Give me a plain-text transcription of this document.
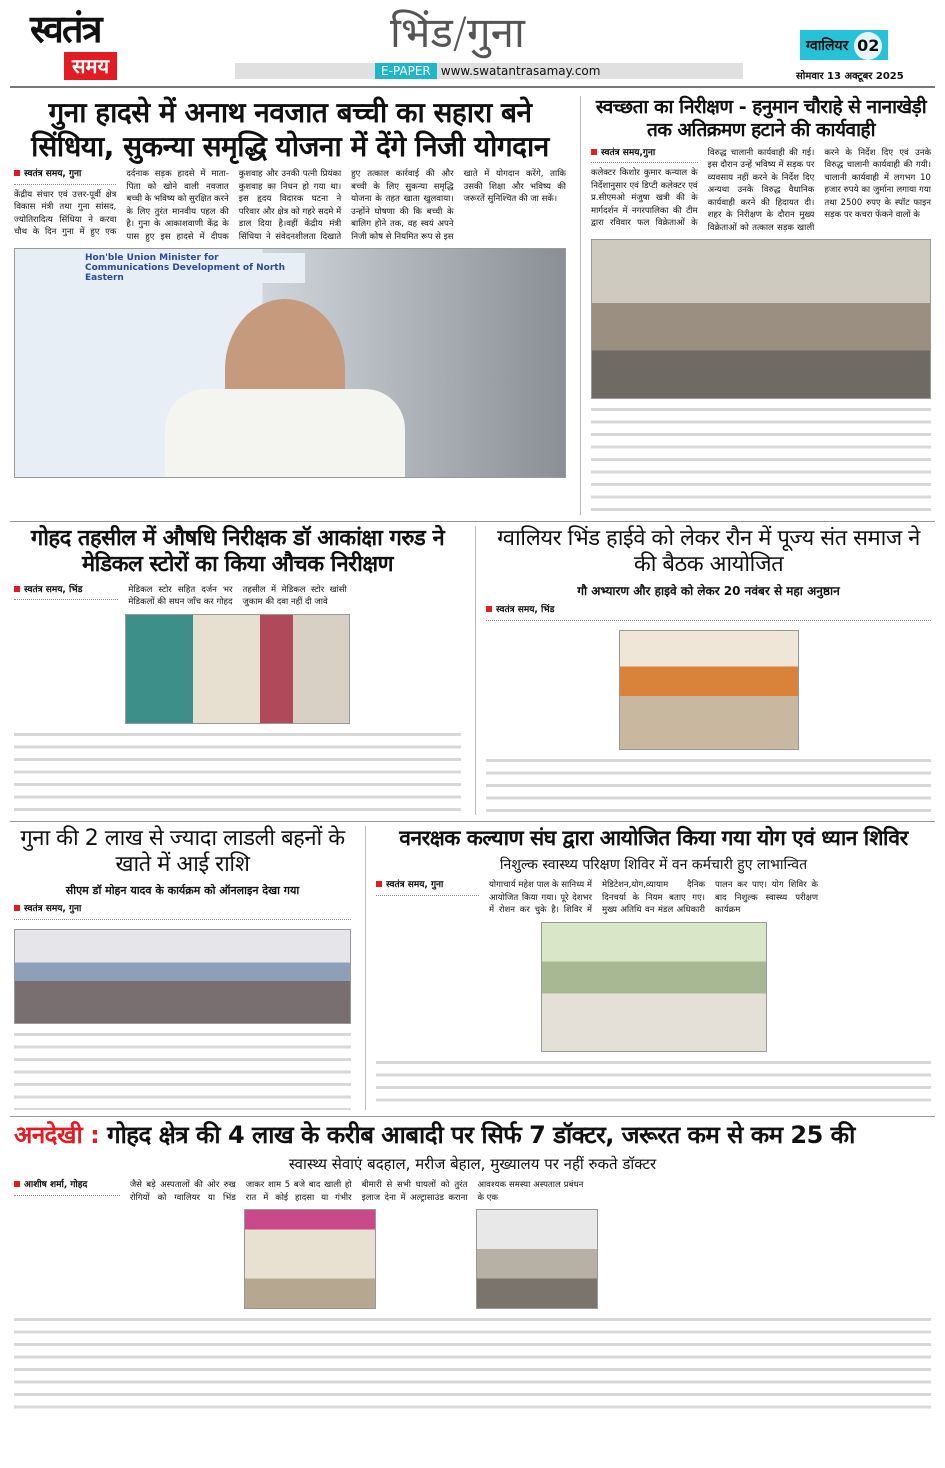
स्वतंत्र
समय
भिंड/गुना
E-PAPER www.swatantrasamay.com
ग्वालियर 02
सोमवार 13 अक्टूबर 2025
गुना हादसे में अनाथ नवजात बच्ची का सहारा बने सिंधिया, सुकन्या समृद्धि योजना में देंगे निजी योगदान
स्वतंत्र समय, गुना

केंद्रीय संचार एवं उत्तर-पूर्वी क्षेत्र विकास मंत्री तथा गुना सांसद, ज्योतिरादित्य सिंधिया ने करवा चौथ के दिन गुना में हुए एक दर्दनाक सड़क हादसे में माता-पिता को खोने वाली नवजात बच्ची के भविष्य को सुरक्षित करने के लिए तुरंत मानवीय पहल की है। गुना के आकाशवाणी केंद्र के पास हुए इस हादसे में दीपक कुशवाह और उनकी पत्नी प्रियंका कुशवाह का निधन हो गया था। इस हृदय विदारक घटना ने परिवार और क्षेत्र को गहरे सदमे में डाल दिया है।वहीं केंद्रीय मंत्री सिंधिया ने संवेदनशीलता दिखाते हुए तत्काल कार्रवाई की और बच्ची के लिए सुकन्या समृद्धि योजना के तहत खाता खुलवाया। उन्होंने घोषणा की कि बच्ची के बालिग होने तक, वह स्वयं अपने निजी कोष से नियमित रूप से इस खाते में योगदान करेंगे, ताकि उसकी शिक्षा और भविष्य की जरूरतें सुनिश्चित की जा सकें।

Hon'ble Union Minister for Communications Development of North Eastern
स्वच्छता का निरीक्षण - हनुमान चौराहे से नानाखेड़ी तक अतिक्रमण हटाने की कार्यवाही
स्वतंत्र समय,गुना

कलेक्टर किशोर कुमार कन्याल के निर्देशानुसार एवं डिप्टी कलेक्टर एवं प्र.सीएमओ मंजुषा खत्री की के मार्गदर्शन में नगरपालिका की टीम द्वारा रविवार फल विक्रेताओं के विरुद्ध चालानी कार्यवाही की गई। इस दौरान उन्हें भविष्य में सड़क पर व्यवसाय नहीं करने के निर्देश दिए अन्यथा उनके विरुद्ध वैधानिक कार्यवाही करने की हिदायत दी। शहर के निरीक्षण के दौरान मुख्य विक्रेताओं को तत्काल सड़क खाली करने के निर्देश दिए एवं उनके विरुद्ध चालानी कार्यवाही की गयी। चालानी कार्यवाही में लगभग 10 हजार रुपये का जुर्माना लगाया गया तथा 2500 रुपए के स्पॉट फाइन सड़क पर कचरा फेंकने वालों के

गोहद तहसील में औषधि निरीक्षक डॉ आकांक्षा गरुड ने मेडिकल स्टोरों का किया औचक निरीक्षण
स्वतंत्र समय, भिंड	मेडिकल स्टोर सहित दर्जन भर मेडिकलों की सघन जाँच कर गोहद तहसील में मेडिकल स्टोर खांसी जुकाम की दवा नहीं दी जावे

ग्वालियर भिंड हाईवे को लेकर रौन में पूज्य संत समाज ने की बैठक आयोजित
गौ अभ्यारण और हाइवे को लेकर 20 नवंबर से महा अनुष्ठान
स्वतंत्र समय, भिंड

गुना की 2 लाख से ज्यादा लाडली बहनों के खाते में आई राशि
सीएम डॉ मोहन यादव के कार्यक्रम को ऑनलाइन देखा गया
स्वतंत्र समय, गुना

वनरक्षक कल्याण संघ द्वारा आयोजित किया गया योग एवं ध्यान शिविर
निशुल्क स्वास्थ्य परिक्षण शिविर में वन कर्मचारी हुए लाभान्वित
स्वतंत्र समय, गुना	योगाचार्य महेश पाल के सानिध्य में आयोजित किया गया। पूरे देशभर में रोशन कर चुके है। शिविर में मेडिटेशन,योग,व्यायाम दैनिक दिनचर्या के नियम बताए गए। मुख्य अतिथि वन मंडल अधिकारी पालन कर पाए। योग शिविर के बाद निशुल्क स्वास्थ्य परीक्षण कार्यक्रम

अनदेखी : गोहद क्षेत्र की 4 लाख के करीब आबादी पर सिर्फ 7 डॉक्टर, जरूरत कम से कम 25 की
स्वास्थ्य सेवाएं बदहाल, मरीज बेहाल, मुख्यालय पर नहीं रुकते डॉक्टर
आशीष शर्मा, गोहद	जैसे बड़े अस्पतालों की ओर रुख रोगियों को ग्वालियर या भिंड जाकर शाम 5 बजे बाद खाली हो रात में कोई हादसा या गंभीर बीमारी से सभी घायलों को तुरंत इलाज देना में अल्ट्रासाउंड कराना आवश्यक समस्या अस्पताल प्रबंधन के एक
